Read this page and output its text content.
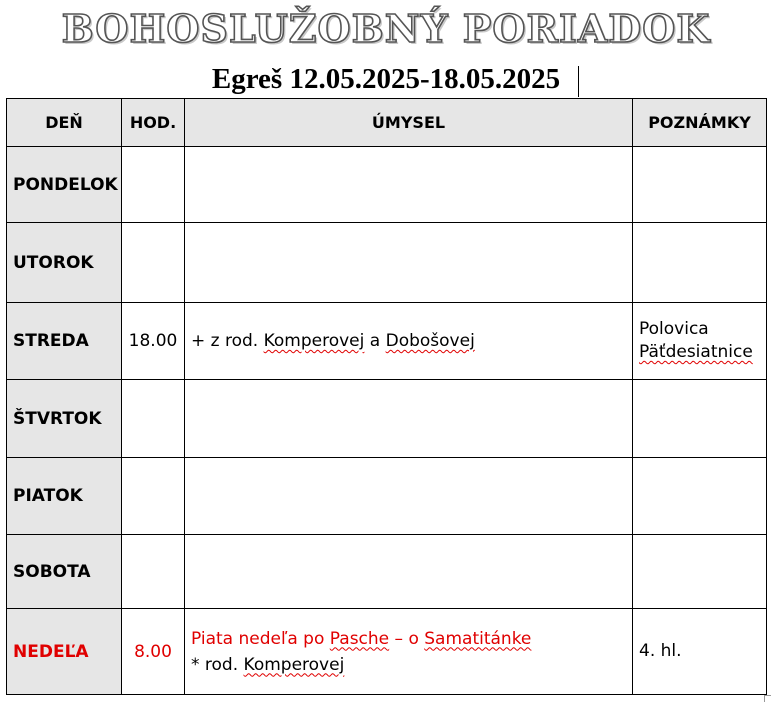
BOHOSLUŽOBNÝ PORIADOK
Egreš 12.05.2025-18.05.2025
DEŇ	HOD.	ÚMYSEL	POZNÁMKY
PONDELOK			
UTOROK			
STREDA	18.00	+ z rod. Komperovej a Dobošovej	Polovica
Päťdesiatnice

ŠTVRTOK			
PIATOK			
SOBOTA			
NEDEĽA	8.00	Piata nedeľa po Pasche – o Samatitánke
* rod. Komperovej	4. hl.
